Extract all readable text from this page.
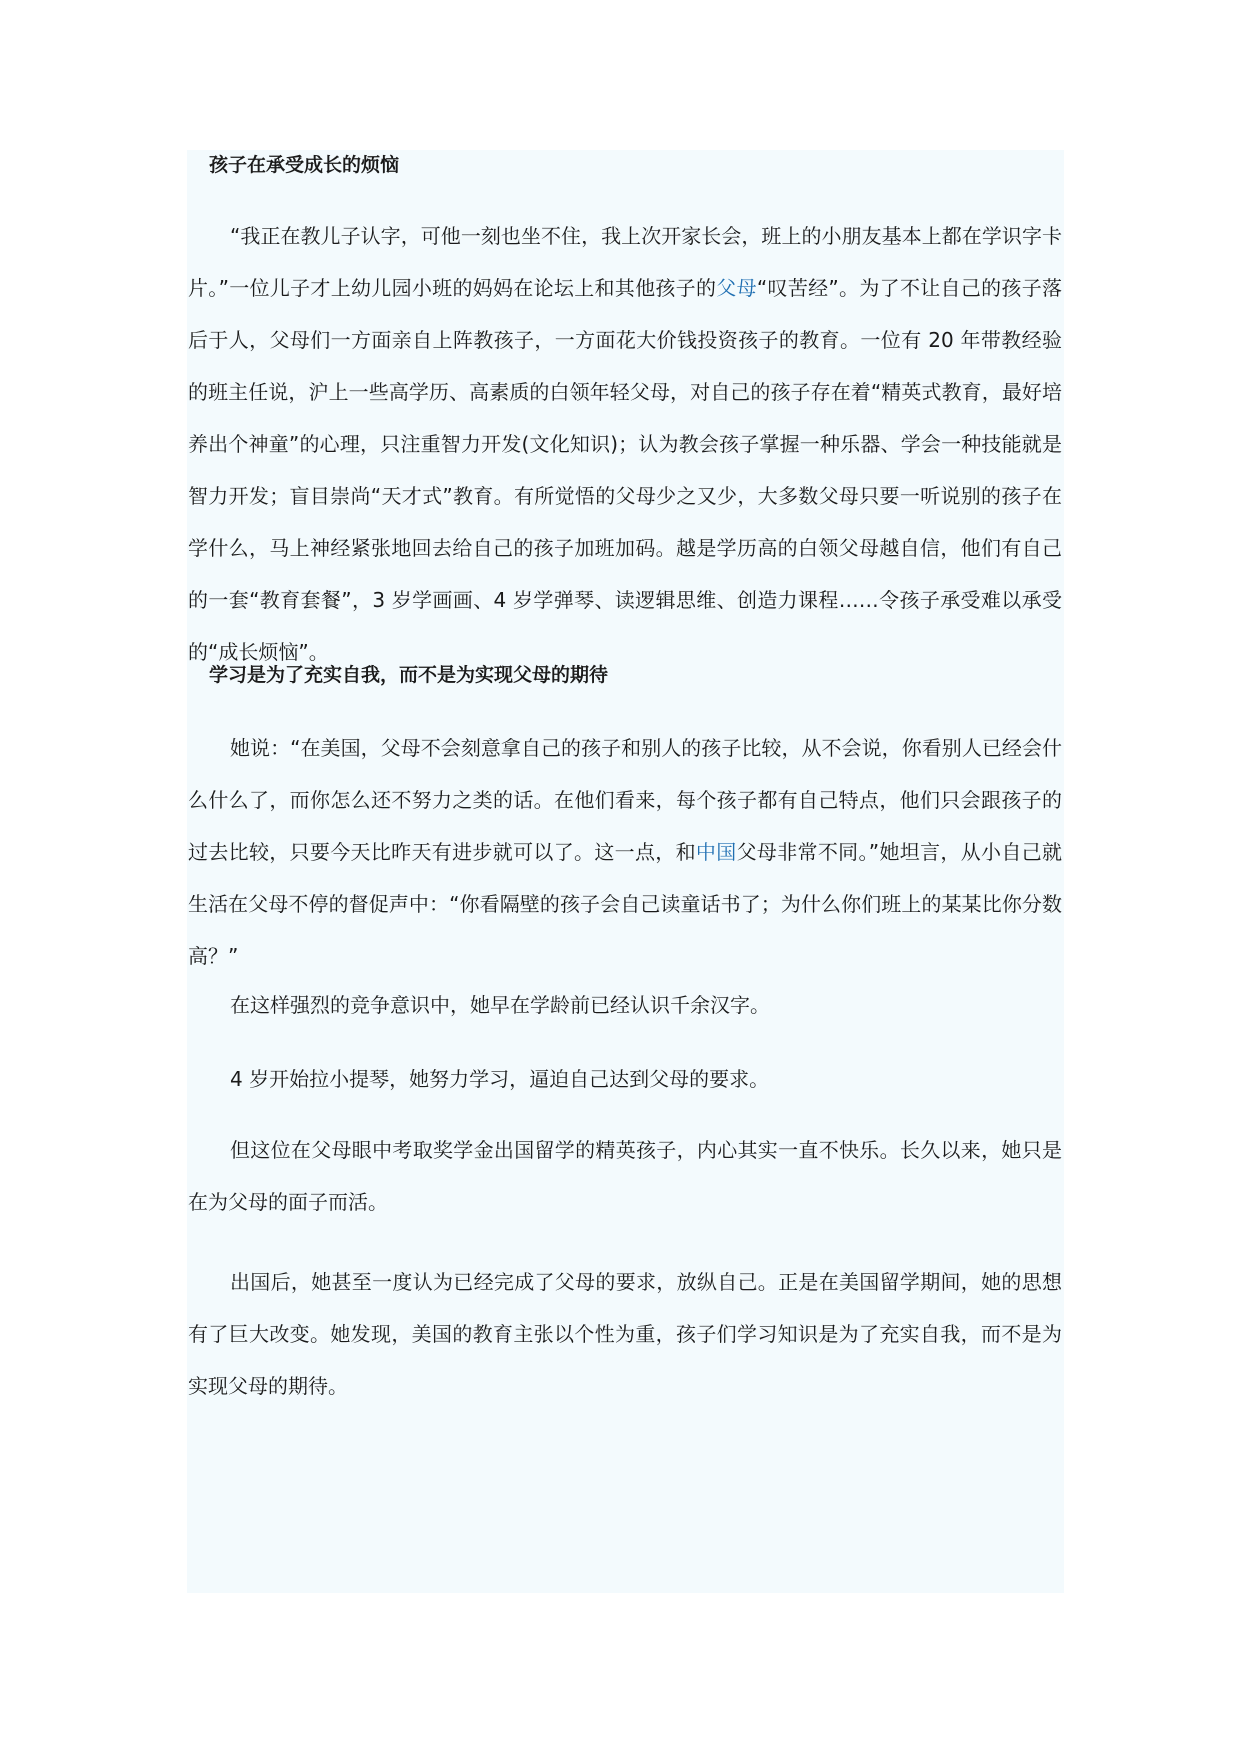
孩子在承受成长的烦恼
“我正在教儿子认字，可他一刻也坐不住，我上次开家长会，班上的小朋友基本上都在学识字卡片。”一位儿子才上幼儿园小班的妈妈在论坛上和其他孩子的父母“叹苦经”。为了不让自己的孩子落后于人，父母们一方面亲自上阵教孩子，一方面花大价钱投资孩子的教育。一位有 20 年带教经验的班主任说，沪上一些高学历、高素质的白领年轻父母，对自己的孩子存在着“精英式教育，最好培养出个神童”的心理，只注重智力开发(文化知识)；认为教会孩子掌握一种乐器、学会一种技能就是智力开发；盲目崇尚“天才式”教育。有所觉悟的父母少之又少，大多数父母只要一听说别的孩子在学什么，马上神经紧张地回去给自己的孩子加班加码。越是学历高的白领父母越自信，他们有自己的一套“教育套餐”，3 岁学画画、4 岁学弹琴、读逻辑思维、创造力课程……令孩子承受难以承受的“成长烦恼”。
学习是为了充实自我，而不是为实现父母的期待
她说：“在美国，父母不会刻意拿自己的孩子和别人的孩子比较，从不会说，你看别人已经会什么什么了，而你怎么还不努力之类的话。在他们看来，每个孩子都有自己特点，他们只会跟孩子的过去比较，只要今天比昨天有进步就可以了。这一点，和中国父母非常不同。”她坦言，从小自己就生活在父母不停的督促声中：“你看隔壁的孩子会自己读童话书了；为什么你们班上的某某比你分数高？”
在这样强烈的竞争意识中，她早在学龄前已经认识千余汉字。
4 岁开始拉小提琴，她努力学习，逼迫自己达到父母的要求。
但这位在父母眼中考取奖学金出国留学的精英孩子，内心其实一直不快乐。长久以来，她只是在为父母的面子而活。
出国后，她甚至一度认为已经完成了父母的要求，放纵自己。正是在美国留学期间，她的思想有了巨大改变。她发现，美国的教育主张以个性为重，孩子们学习知识是为了充实自我，而不是为实现父母的期待。
